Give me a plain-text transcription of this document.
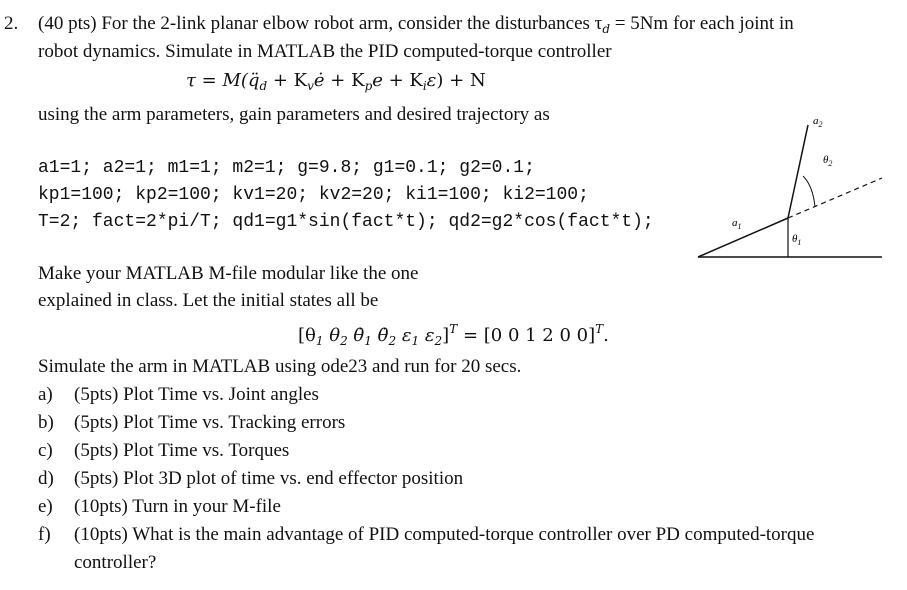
2. (40 pts) For the 2-link planar elbow robot arm, consider the disturbances $\tau_d = 5Nm$ for each joint in
robot dynamics. Simulate in MATLAB the PID computed-torque controller
$\tau = M(q̈_d$ + $K_vė + K_pe + K_i\varepsilon) + N$
using the arm parameters, gain parameters and desired trajectory as
a1=1; a2=1; m1=1; m2=1; g=9.8; g1=0.1; g2=0.1;
kp1=100; kp2=100; kv1=20; kv2=20; ki1=100; ki2=100;
T=2; fact=2*pi/T; qd1=g1*sin(fact*t); qd2=g2*cos(fact*t);	$a_1$
$a_2$
$\theta_1$
$\theta_2$
Make your MATLAB M-file modular like the one
explained in class. Let the initial states all be
[$\theta_1$ $\theta_2$ $\thetȧ_1$ $\thetȧ_2$ $\varepsilon_1$ $\varepsilon_2]^T = [0$ 0 1 2 0 0]$^T$.
Simulate the arm in MATLAB using ode23 and run for 20 secs.
a) (5pts) Plot Time vs. Joint angles
b) (5pts) Plot Time vs. Tracking errors
c) (5pts) Plot Time vs. Torques
d) (5pts) Plot 3D plot of time vs. end effector position
e) (10pts) Turn in your M-file
f) (10pts) What is the main advantage of PID computed-torque controller over PD computed-torque
controller?
